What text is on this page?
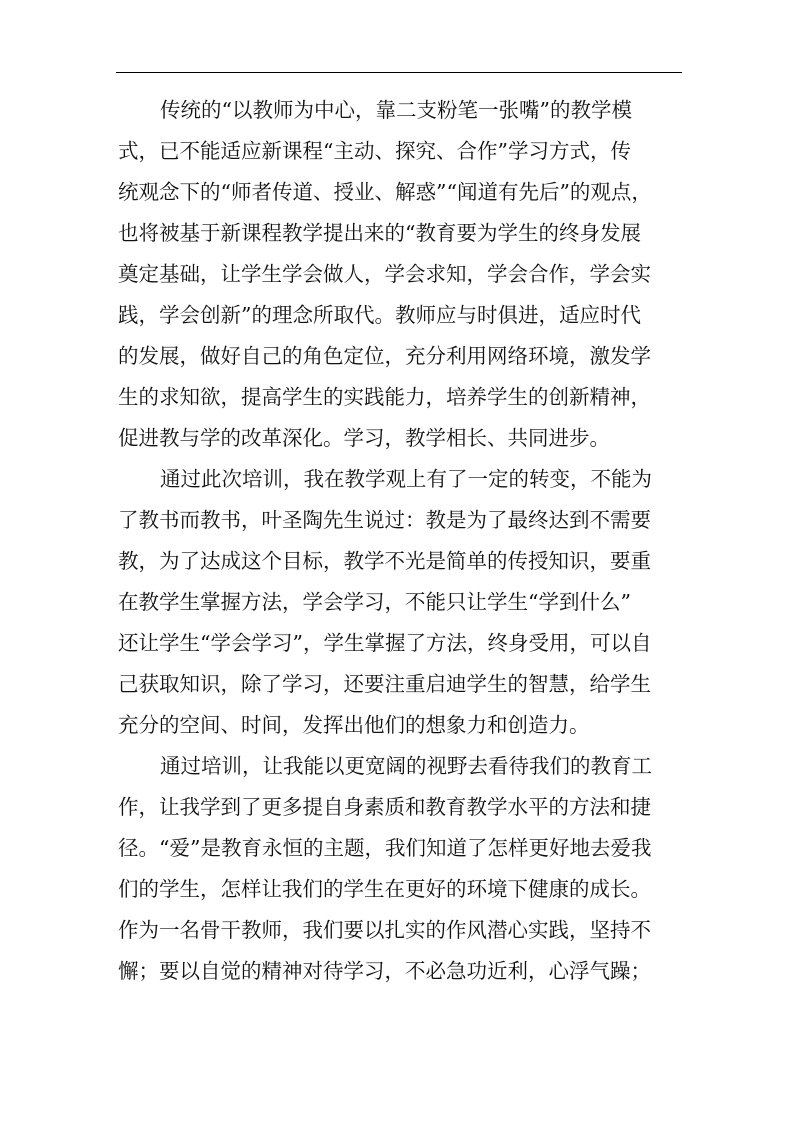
传统的“以教师为中心，靠二支粉笔一张嘴”的教学模
式，已不能适应新课程“主动、探究、合作”学习方式，传
统观念下的“师者传道、授业、解惑”“闻道有先后”的观点，
也将被基于新课程教学提出来的“教育要为学生的终身发展
奠定基础，让学生学会做人，学会求知，学会合作，学会实
践，学会创新”的理念所取代。教师应与时俱进，适应时代
的发展，做好自己的角色定位，充分利用网络环境，激发学
生的求知欲，提高学生的实践能力，培养学生的创新精神，
促进教与学的改革深化。学习，教学相长、共同进步。
通过此次培训，我在教学观上有了一定的转变，不能为
了教书而教书，叶圣陶先生说过：教是为了最终达到不需要
教，为了达成这个目标，教学不光是简单的传授知识，要重
在教学生掌握方法，学会学习，不能只让学生“学到什么”
还让学生“学会学习”，学生掌握了方法，终身受用，可以自
己获取知识，除了学习，还要注重启迪学生的智慧，给学生
充分的空间、时间，发挥出他们的想象力和创造力。
通过培训，让我能以更宽阔的视野去看待我们的教育工
作，让我学到了更多提自身素质和教育教学水平的方法和捷
径。“爱”是教育永恒的主题，我们知道了怎样更好地去爱我
们的学生，怎样让我们的学生在更好的环境下健康的成长。
作为一名骨干教师，我们要以扎实的作风潜心实践，坚持不
懈；要以自觉的精神对待学习，不必急功近利，心浮气躁；
